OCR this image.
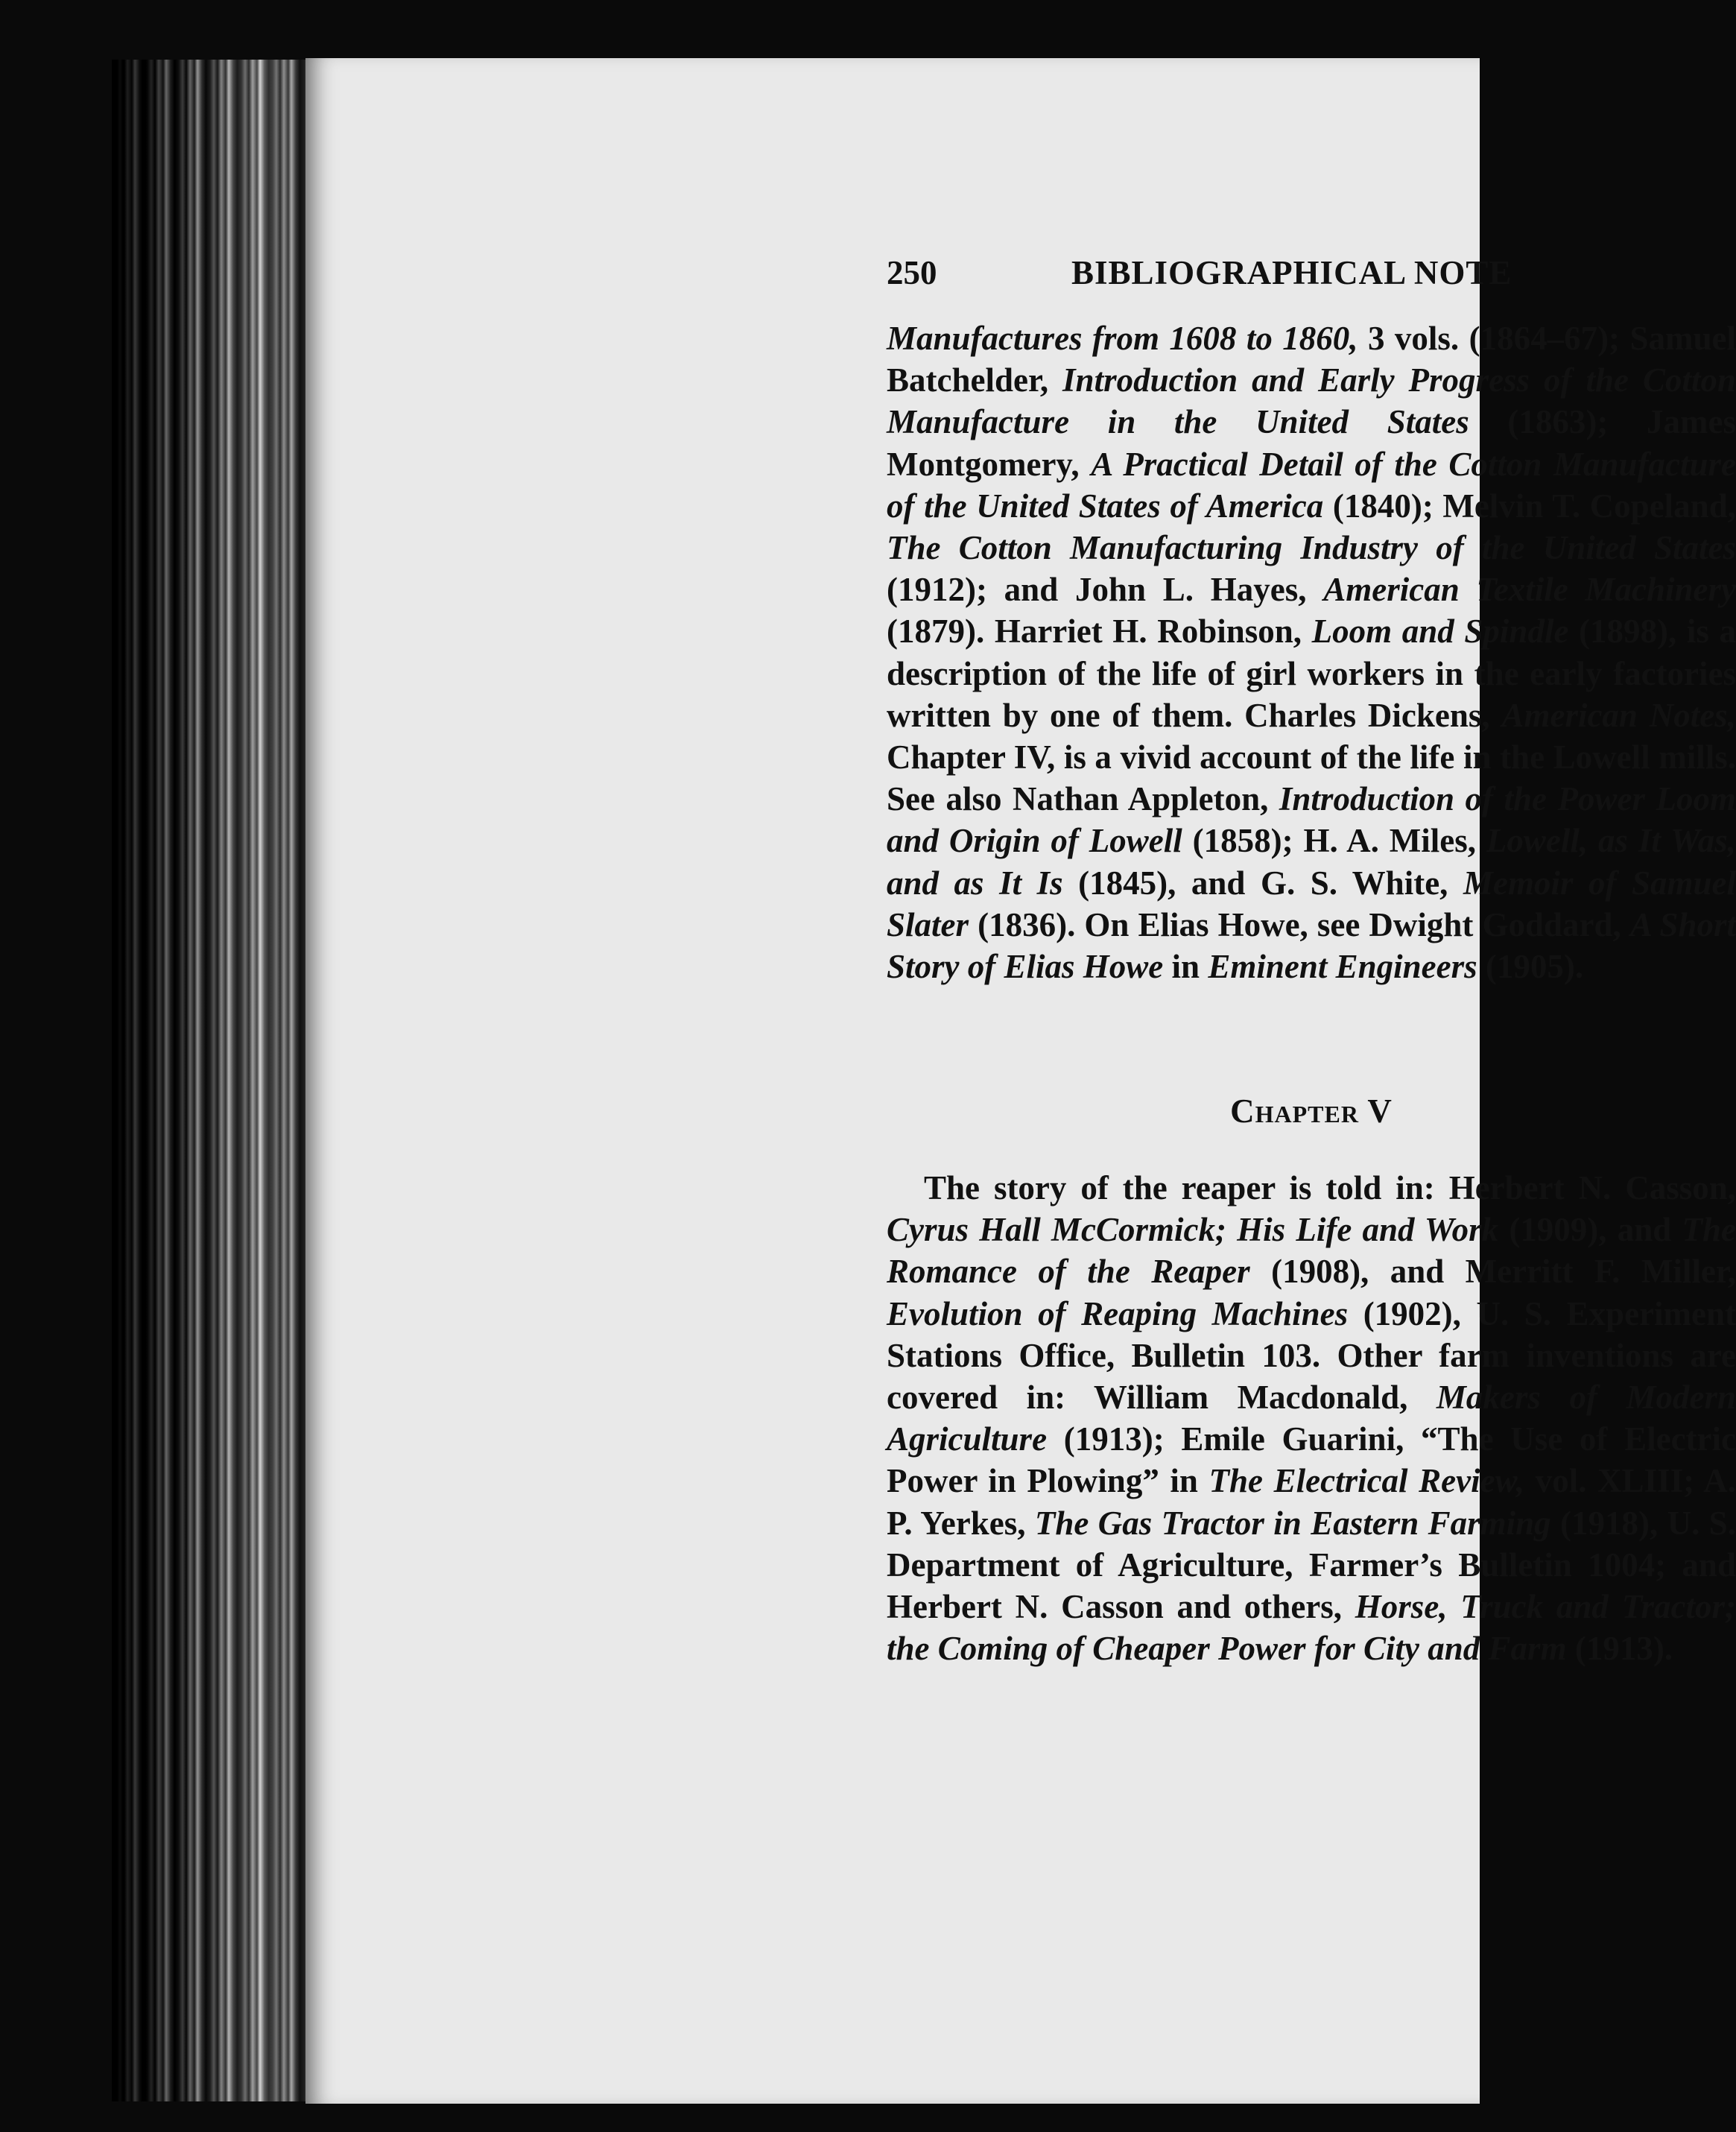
250	BIBLIOGRAPHICAL NOTE

Manufactures from 1608 to 1860, 3 vols. (1864–67); Samuel Batchelder, Introduction and Early Progress of the Cotton Manufacture in the United States (1863); James Montgomery, A Practical Detail of the Cotton Manufacture of the United States of America (1840); Melvin T. Copeland, The Cotton Manufacturing Industry of the United States (1912); and John L. Hayes, American Textile Machinery (1879). Harriet H. Robinson, Loom and Spindle (1898), is a description of the life of girl workers in the early factories written by one of them. Charles Dickens, American Notes, Chapter IV, is a vivid account of the life in the Lowell mills. See also Nathan Appleton, Introduction of the Power Loom and Origin of Lowell (1858); H. A. Miles, Lowell, as It Was, and as It Is (1845), and G. S. White, Memoir of Samuel Slater (1836). On Elias Howe, see Dwight Goddard, A Short Story of Elias Howe in Eminent Engineers (1905).

Chapter V

The story of the reaper is told in: Herbert N. Casson, Cyrus Hall McCormick; His Life and Work (1909), and The Romance of the Reaper (1908), and Merritt F. Miller, Evolution of Reaping Machines (1902), U. S. Experiment Stations Office, Bulletin 103. Other farm inventions are covered in: William Macdonald, Makers of Modern Agriculture (1913); Emile Guarini, “The Use of Electric Power in Plowing” in The Electrical Review, vol. XLIII; A. P. Yerkes, The Gas Tractor in Eastern Farming (1918), U. S. Department of Agriculture, Farmer’s Bulletin 1004; and Herbert N. Casson and others, Horse, Truck and Tractor; the Coming of Cheaper Power for City and Farm (1913).
